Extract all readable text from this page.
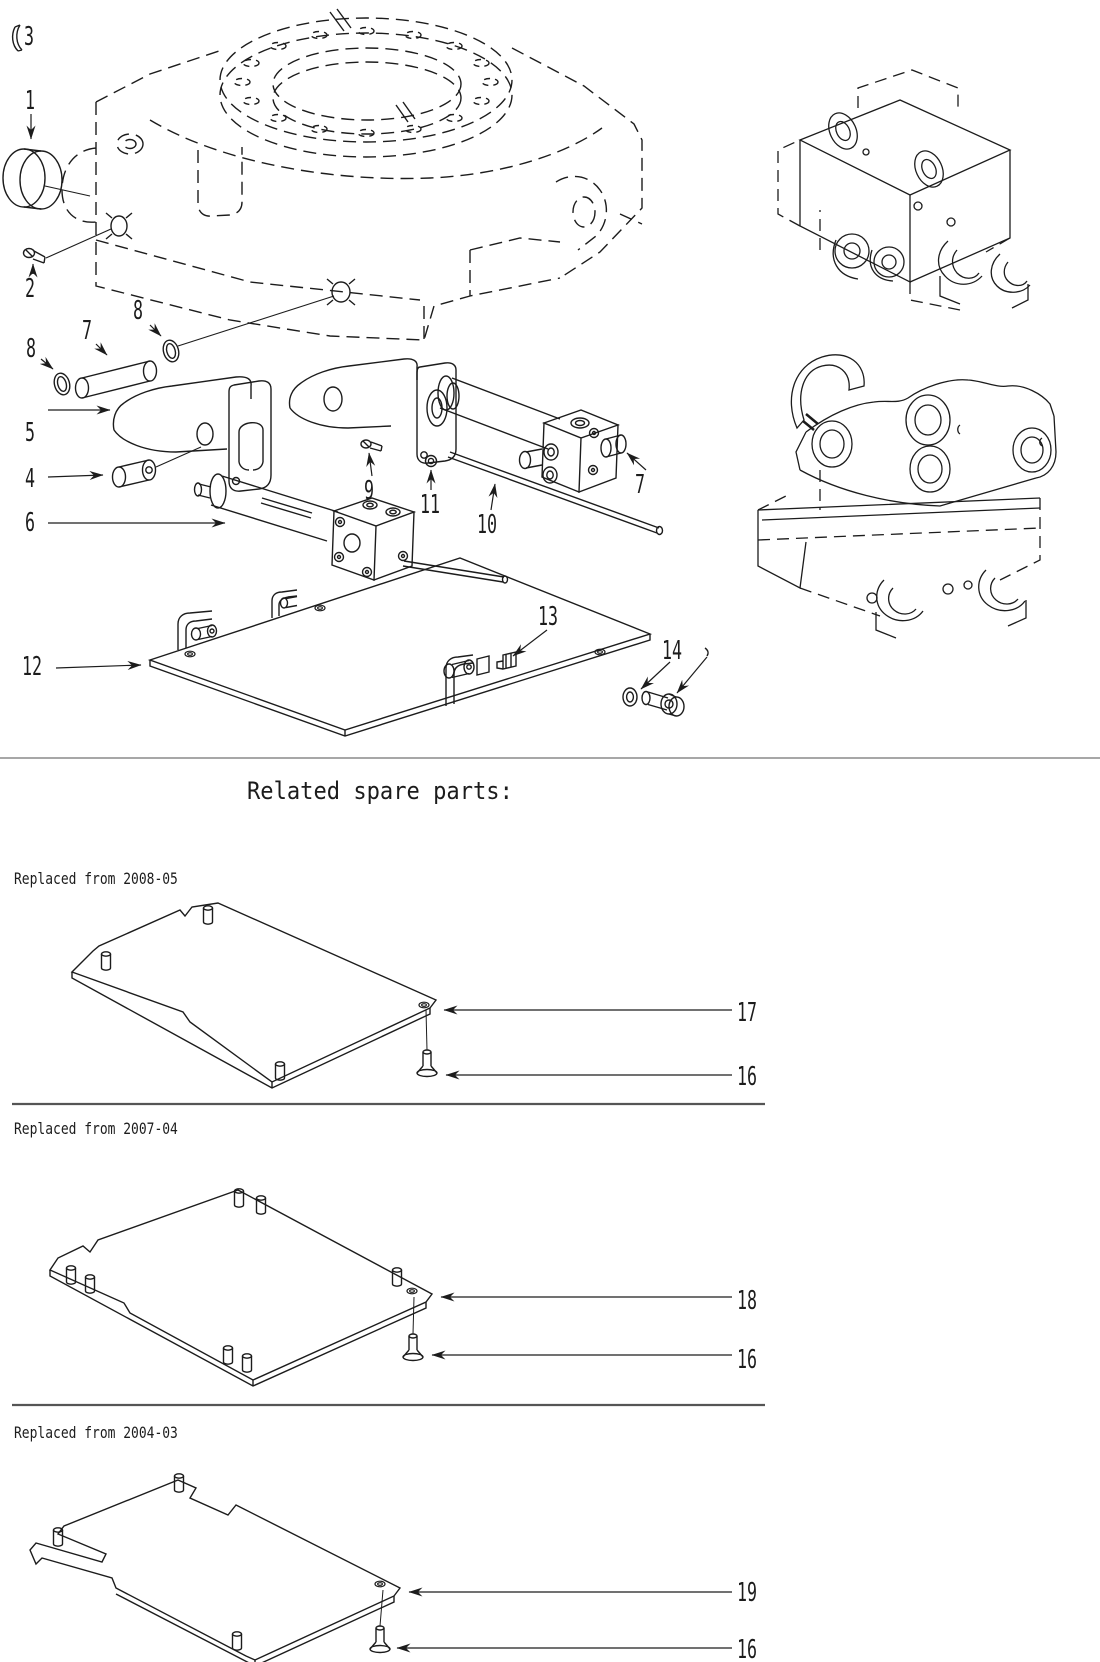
3
1
2
8
7
8
5
4
6
9 11
10
7
12
13
14
Related spare parts:
Replaced from 2008-05
17
16
Replaced from 2007-04
18
16
Replaced from 2004-03
19
16
